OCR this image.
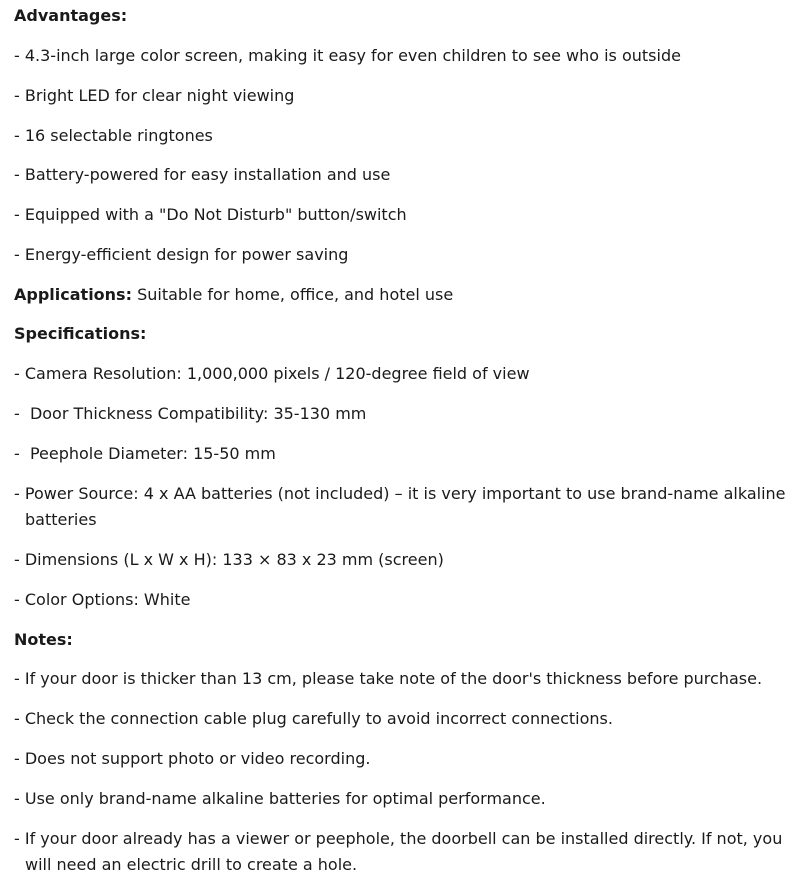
Advantages:
- 4.3-inch large color screen, making it easy for even children to see who is outside
- Bright LED for clear night viewing
- 16 selectable ringtones
- Battery-powered for easy installation and use
- Equipped with a "Do Not Disturb" button/switch
- Energy-efficient design for power saving
Applications: Suitable for home, office, and hotel use
Specifications:
- Camera Resolution: 1,000,000 pixels / 120-degree field of view
-  Door Thickness Compatibility: 35-130 mm
-  Peephole Diameter: 15-50 mm
- Power Source: 4 x AA batteries (not included) – it is very important to use brand-name alkaline batteries
- Dimensions (L x W x H): 133 × 83 x 23 mm (screen)
- Color Options: White
Notes:
- If your door is thicker than 13 cm, please take note of the door's thickness before purchase.
- Check the connection cable plug carefully to avoid incorrect connections.
- Does not support photo or video recording.
- Use only brand-name alkaline batteries for optimal performance.
- If your door already has a viewer or peephole, the doorbell can be installed directly. If not, you will need an electric drill to create a hole.
